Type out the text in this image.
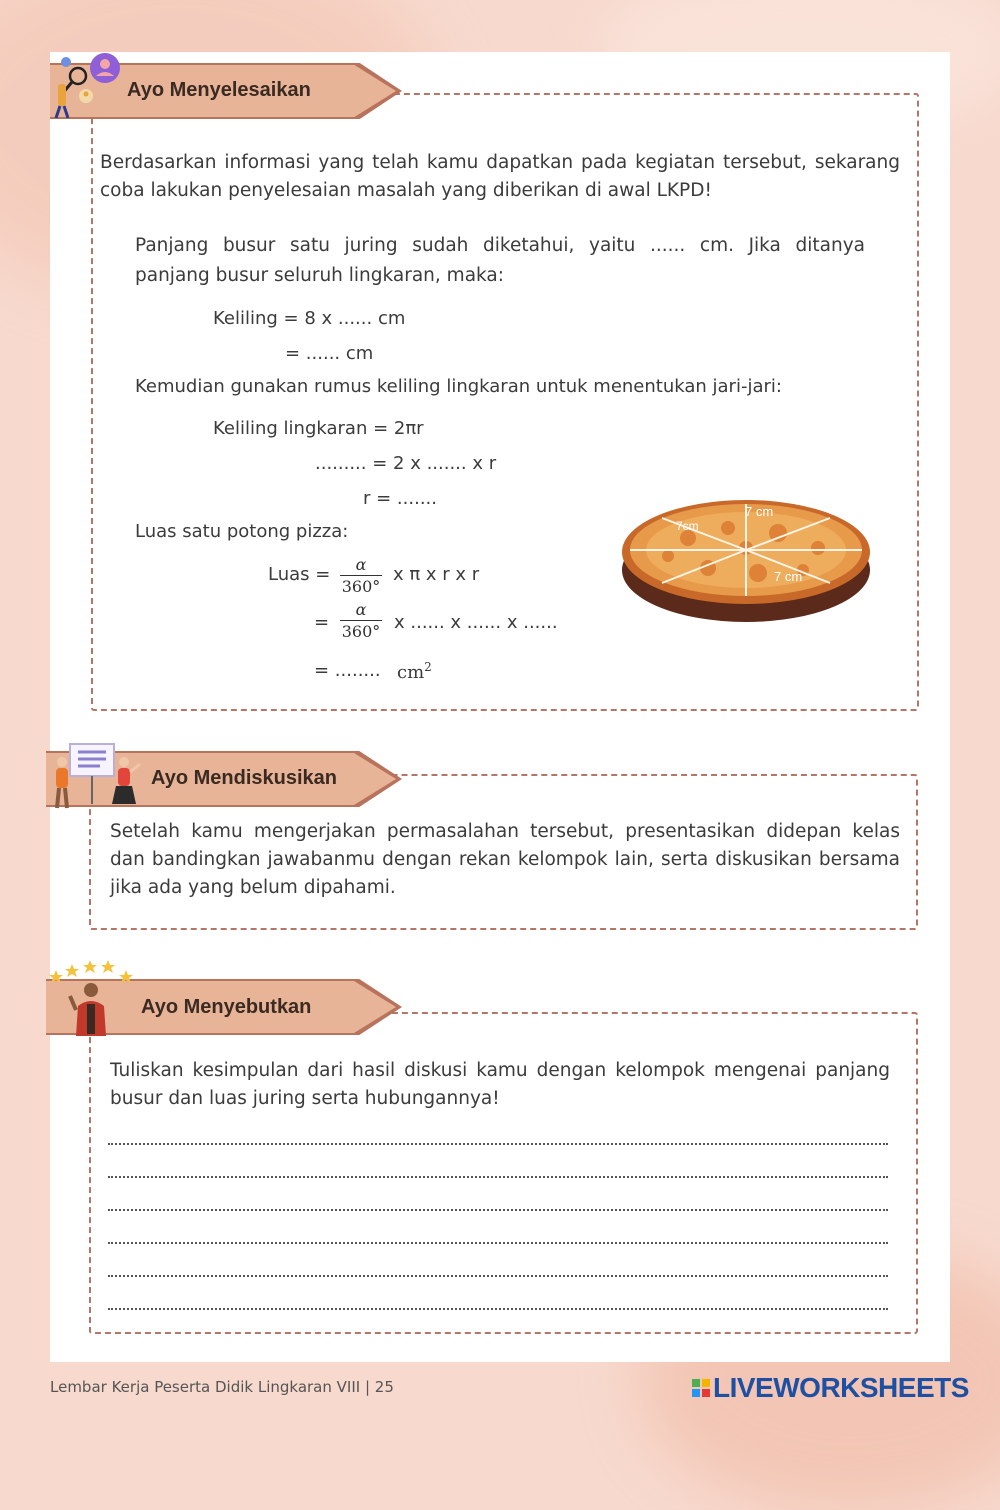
Ayo Menyelesaikan
Berdasarkan informasi yang telah kamu dapatkan pada kegiatan tersebut, sekarang coba lakukan penyelesaian masalah yang diberikan di awal LKPD!
Panjang busur satu juring sudah diketahui, yaitu ...... cm. Jika ditanya
panjang busur seluruh lingkaran, maka:
Keliling = 8 x ...... cm
= ...... cm
Kemudian gunakan rumus keliling lingkaran untuk menentukan jari-jari:
Keliling lingkaran = 2πr
......... = 2 x ....... x r
r = .......
Luas satu potong pizza:
Luas =	α
360°
x π x r x r
=
α
360° x ...... x ...... x ......
= ........ $cm^2$
7 cm
7cm
7 cm
Ayo Mendiskusikan
Setelah kamu mengerjakan permasalahan tersebut, presentasikan didepan kelas
dan bandingkan jawabanmu dengan rekan kelompok lain, serta diskusikan bersama
jika ada yang belum dipahami.
Ayo Menyebutkan
Tuliskan kesimpulan dari hasil diskusi kamu dengan kelompok mengenai panjang
busur dan luas juring serta hubungannya!
Lembar Kerja Peserta Didik Lingkaran VIII | 25	LIVEWORKSHEETS
